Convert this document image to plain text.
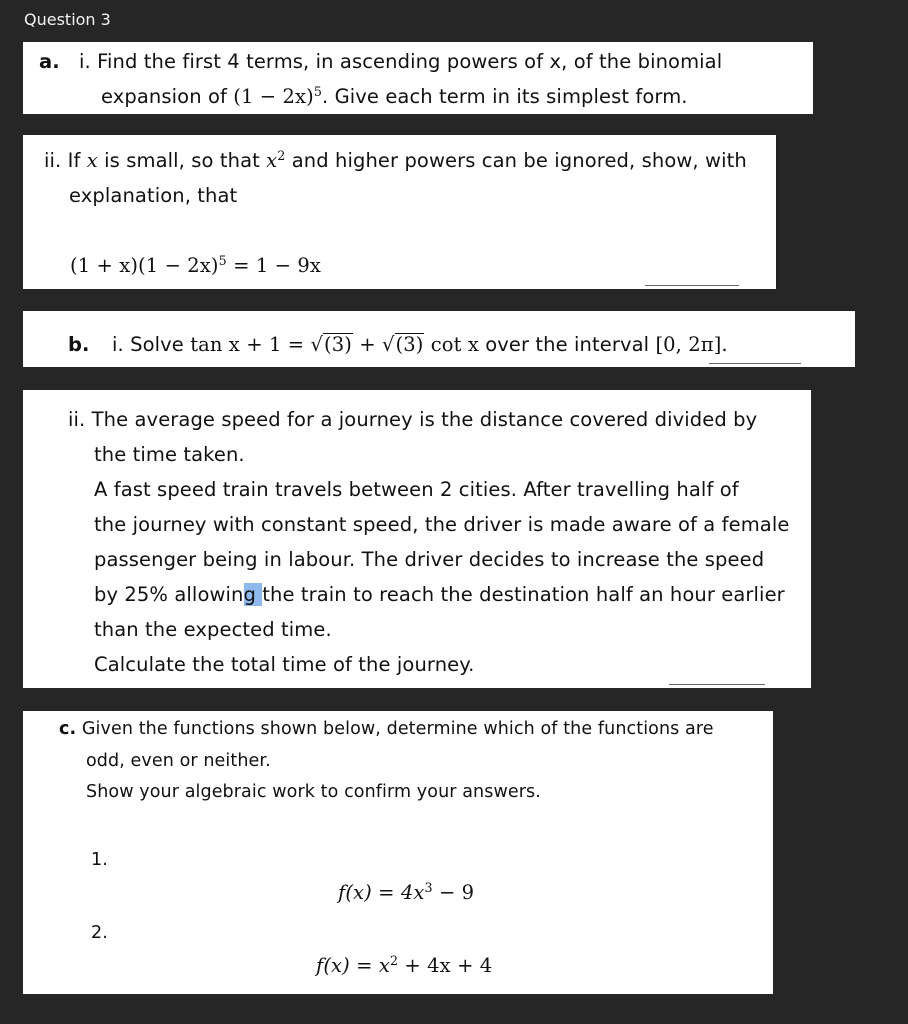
Question 3
a. i. Find the first 4 terms, in ascending powers of x, of the binomial
expansion of $(1 - 2x)^5$. Give each term in its simplest form.
ii. If x is small, so that $x^2$ and higher powers can be ignored, show, with
explanation, that
$(1 + x)(1 - 2x)^5 = 1 - 9x$
b. i. Solve tan x + 1 = √(3) + √(3) cot x over the interval [0, 2π].
ii. The average speed for a journey is the distance covered divided by
the time taken.
A fast speed train travels between 2 cities. After travelling half of
the journey with constant speed, the driver is made aware of a female
passenger being in labour. The driver decides to increase the speed
by 25% allowing the train to reach the destination half an hour earlier
than the expected time.
Calculate the total time of the journey.
c. Given the functions shown below, determine which of the functions are
odd, even or neither.
Show your algebraic work to confirm your answers.
1.
$f(x) = 4x^3 - 9$
2.
$f(x) = x^2 + 4x + 4$
